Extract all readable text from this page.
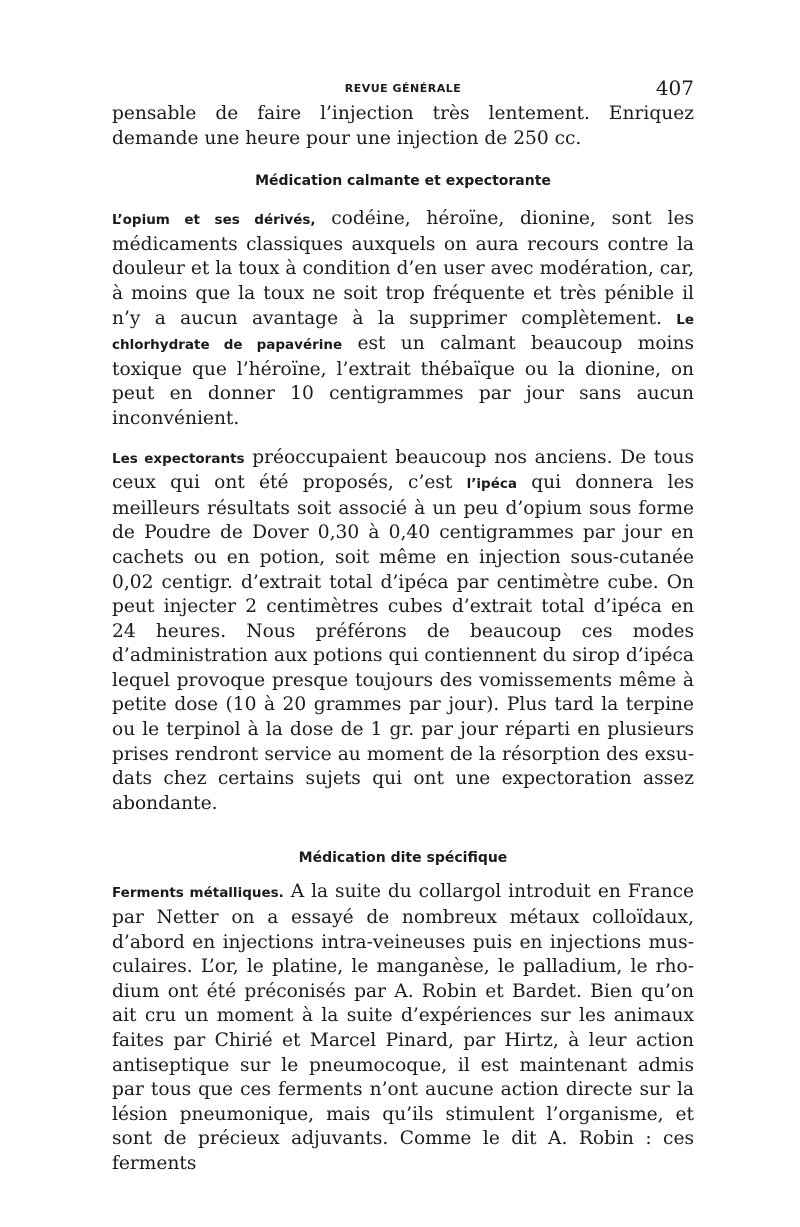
REVUE GÉNÉRALE	407

pensable de faire l’injection très lentement. Enriquez demande une heure pour une injection de 250 cc.

Médication calmante et expectorante

L’opium et ses dérivés, codéine, héroïne, dionine, sont les médicaments classiques auxquels on aura recours contre la douleur et la toux à condition d’en user avec modération, car, à moins que la toux ne soit trop fréquente et très pénible il n’y a aucun avantage à la supprimer complètement. Le chlorhydrate de papavérine est un calmant beaucoup moins toxique que l’héroïne, l’extrait thébaïque ou la dionine, on peut en donner 10 centigrammes par jour sans aucun inconvénient.

Les expectorants préoccupaient beaucoup nos anciens. De tous ceux qui ont été proposés, c’est l’ipéca qui donnera les meilleurs résultats soit associé à un peu d’opium sous forme de Poudre de Dover 0,30 à 0,40 centigrammes par jour en cachets ou en potion, soit même en injection sous-cutanée 0,02 centigr. d’extrait total d’ipéca par centimètre cube. On peut injecter 2 centimètres cubes d’extrait total d’ipéca en 24 heures. Nous préférons de beaucoup ces modes d’administration aux potions qui contiennent du sirop d’ipéca lequel provoque presque toujours des vomissements même à petite dose (10 à 20 grammes par jour). Plus tard la terpine ou le terpinol à la dose de 1 gr. par jour réparti en plusieurs prises rendront service au moment de la résorption des exsudats chez certains sujets qui ont une expectoration assez abondante.

Médication dite spécifique

Ferments métalliques. A la suite du collargol introduit en France par Netter on a essayé de nombreux métaux colloïdaux, d’abord en injections intra-veineuses puis en injections musculaires. L’or, le platine, le manganèse, le palladium, le rhodium ont été préconisés par A. Robin et Bardet. Bien qu’on ait cru un moment à la suite d’expériences sur les animaux faites par Chirié et Marcel Pinard, par Hirtz, à leur action antiseptique sur le pneumocoque, il est maintenant admis par tous que ces ferments n’ont aucune action directe sur la lésion pneumonique, mais qu’ils stimulent l’organisme, et sont de précieux adjuvants. Comme le dit A. Robin : ces ferments
